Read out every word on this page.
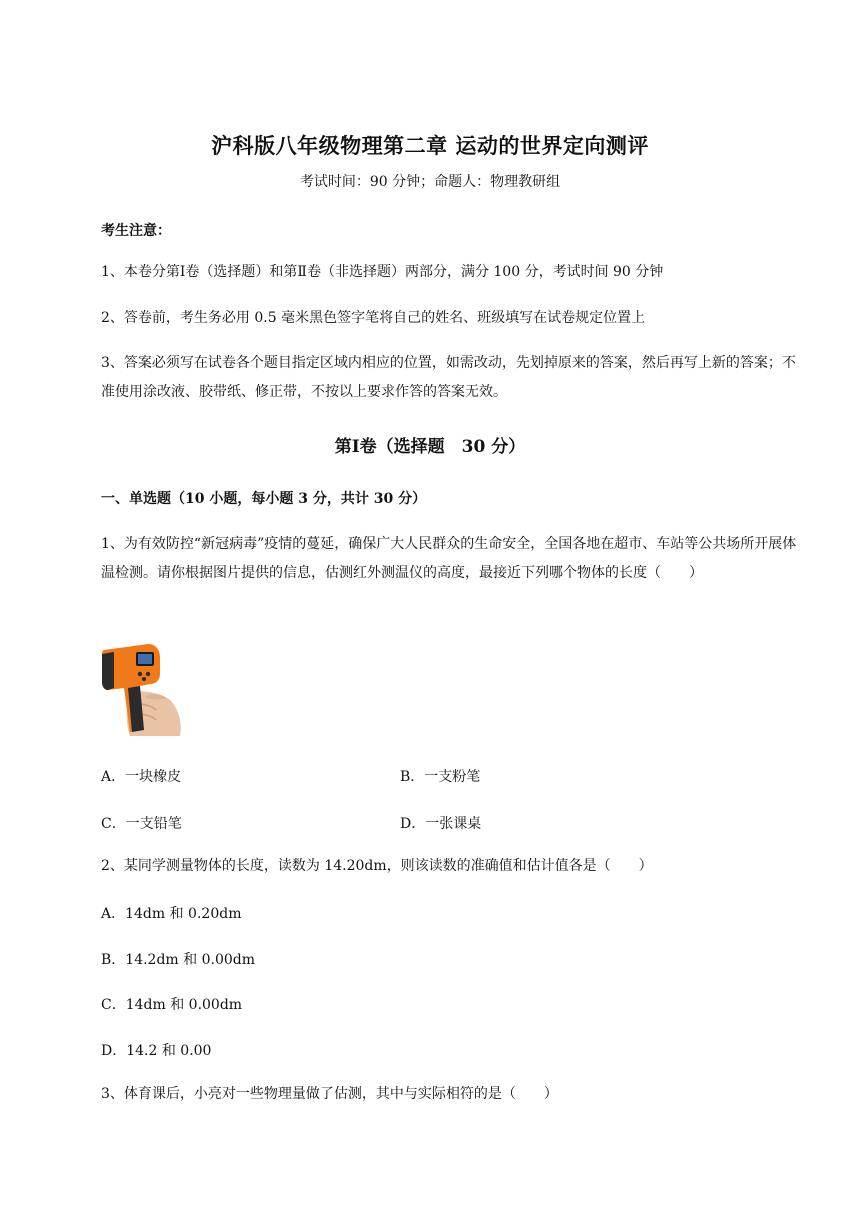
沪科版八年级物理第二章 运动的世界定向测评
考试时间：90 分钟；命题人：物理教研组
考生注意：
1、本卷分第Ⅰ卷（选择题）和第Ⅱ卷（非选择题）两部分，满分 100 分，考试时间 90 分钟
2、答卷前，考生务必用 0.5 毫米黑色签字笔将自己的姓名、班级填写在试卷规定位置上
3、答案必须写在试卷各个题目指定区域内相应的位置，如需改动，先划掉原来的答案，然后再写上新的答案；不准使用涂改液、胶带纸、修正带，不按以上要求作答的答案无效。
第Ⅰ卷（选择题　30 分）
一、单选题（10 小题，每小题 3 分，共计 30 分）
1、为有效防控“新冠病毒”疫情的蔓延，确保广大人民群众的生命安全，全国各地在超市、车站等公共场所开展体温检测。请你根据图片提供的信息，估测红外测温仪的高度，最接近下列哪个物体的长度（　　）
A．一块橡皮	B．一支粉笔
C．一支铅笔	D．一张课桌
2、某同学测量物体的长度，读数为 14.20dm，则该读数的准确值和估计值各是（　　）
A．14dm 和 0.20dm
B．14.2dm 和 0.00dm
C．14dm 和 0.00dm
D．14.2 和 0.00
3、体育课后，小亮对一些物理量做了估测，其中与实际相符的是（　　）
